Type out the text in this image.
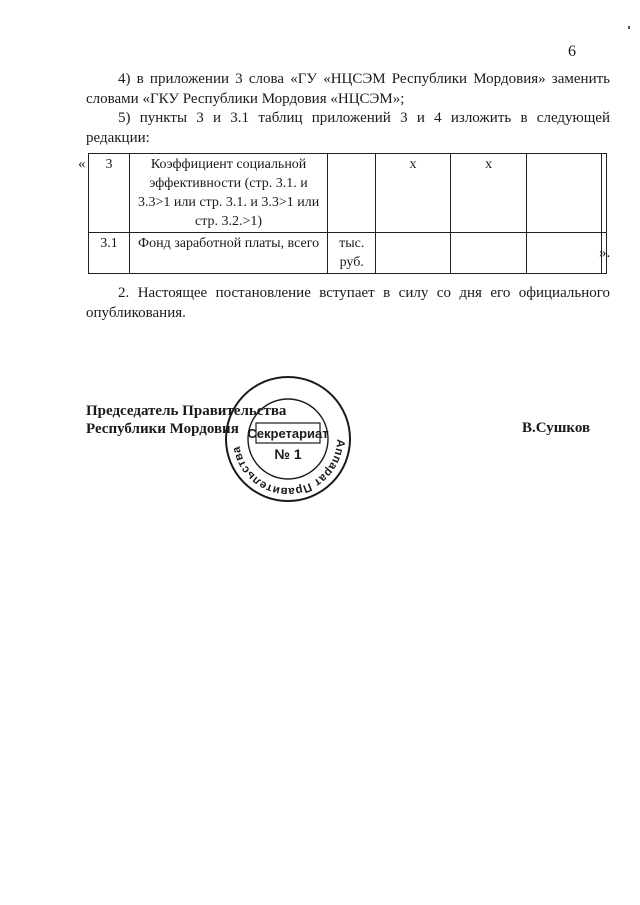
6

4) в приложении 3 слова «ГУ «НЦСЭМ Республики Мордовия» заменить словами «ГКУ Республики Мордовия «НЦСЭМ»;

5) пункты 3 и 3.1 таблиц приложений 3 и 4 изложить в следующей редакции:

« 3	Коэффициент социальной эффективности (стр. 3.1. и 3.3>1 или стр. 3.1. и 3.3>1 или стр. 3.2.>1)		х	х		
3.1	Фонд заработной платы, всего	тыс. руб.				
».

2. Настоящее постановление вступает в силу со дня его официального опубликования.

Председатель Правительства
Республики Мордовия	В.Сушков
Аппарат Правительства
Секретариат
№ 1
